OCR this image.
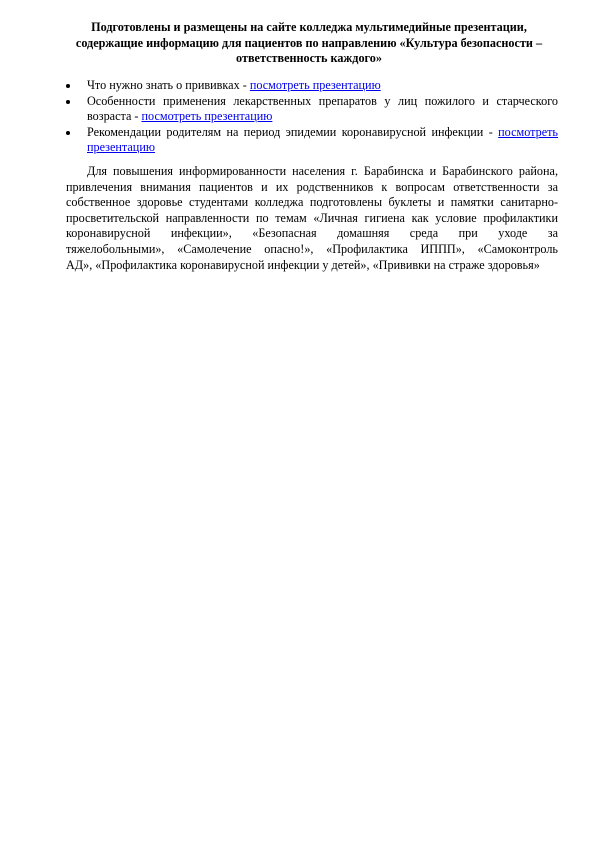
Подготовлены и размещены на сайте колледжа мультимедийные презентации,
содержащие информацию для пациентов по направлению «Культура безопасности –
ответственность каждого»
Что нужно знать о прививках - посмотреть презентацию
Особенности применения лекарственных препаратов у лиц пожилого и старческого возраста - посмотреть презентацию
Рекомендации родителям на период эпидемии коронавирусной инфекции - посмотреть презентацию
Для повышения информированности населения г. Барабинска и Барабинского района,
привлечения внимания пациентов и их родственников к вопросам ответственности за
собственное здоровье студентами колледжа подготовлены буклеты и памятки санитарно-
просветительской направленности по темам «Личная гигиена как условие профилактики
коронавирусной инфекции», «Безопасная домашняя среда при уходе за
тяжелобольными», «Самолечение опасно!», «Профилактика ИППП», «Самоконтроль
АД», «Профилактика коронавирусной инфекции у детей», «Прививки на страже здоровья»
